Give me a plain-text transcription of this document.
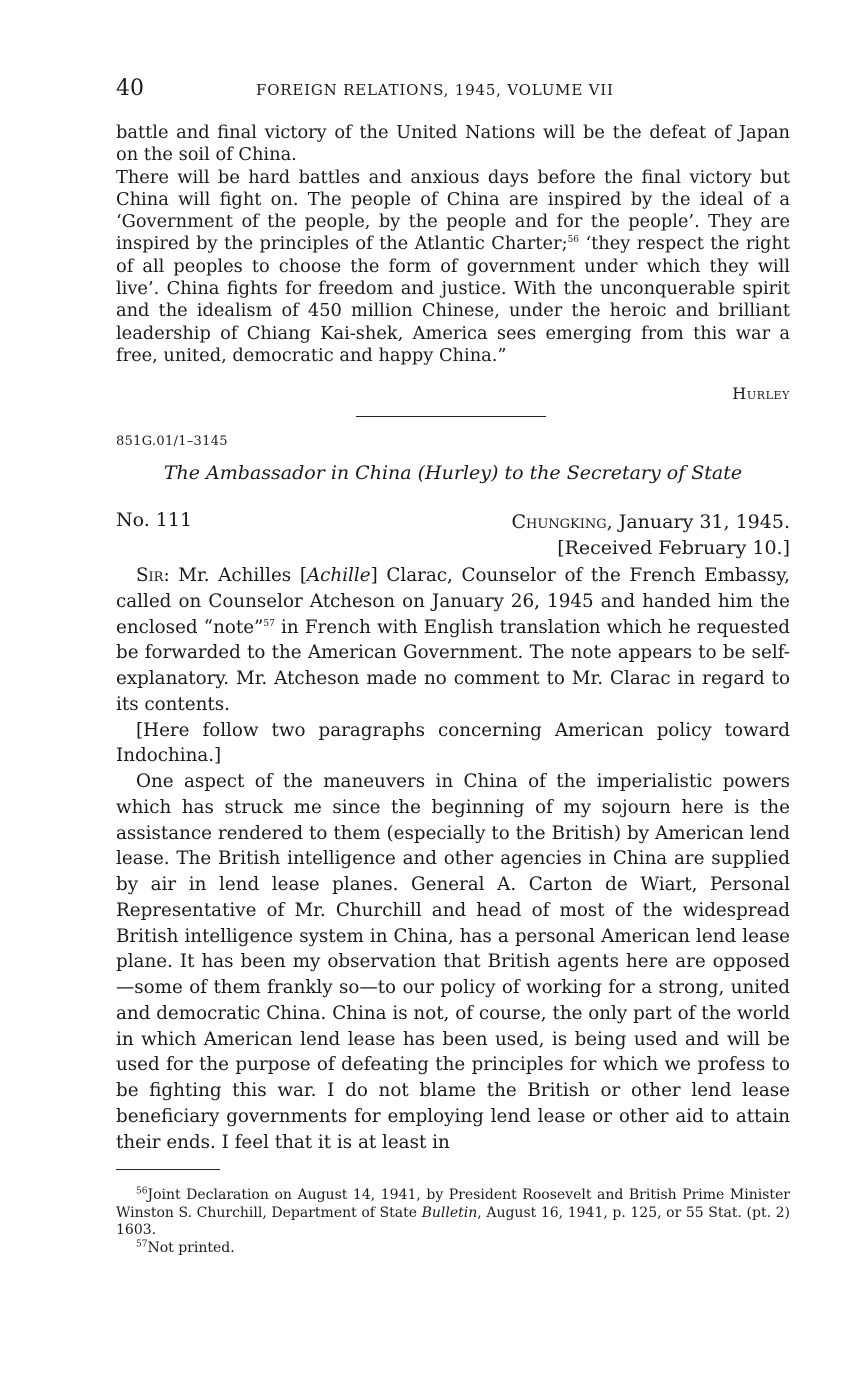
40	FOREIGN RELATIONS, 1945, VOLUME VII

battle and final victory of the United Nations will be the defeat of Japan on the soil of China.

There will be hard battles and anxious days before the final victory but China will fight on. The people of China are inspired by the ideal of a ‘Government of the people, by the people and for the people’. They are inspired by the principles of the Atlantic Charter;$^{56}$ ‘they respect the right of all peoples to choose the form of government under which they will live’. China fights for freedom and justice. With the unconquerable spirit and the idealism of 450 million Chinese, under the heroic and brilliant leadership of Chiang Kai-shek, America sees emerging from this war a free, united, democratic and happy China.”

Hurley
851G.01/1–3145
The Ambassador in China (Hurley) to the Secretary of State
No. 111	Chungking, January 31, 1945.
[Received February 10.]

Sir: Mr. Achilles [Achille] Clarac, Counselor of the French Embassy, called on Counselor Atcheson on January 26, 1945 and handed him the enclosed “note”$^{57}$ in French with English translation which he requested be forwarded to the American Government. The note appears to be self-explanatory. Mr. Atcheson made no comment to Mr. Clarac in regard to its contents.

[Here follow two paragraphs concerning American policy toward Indochina.]

One aspect of the maneuvers in China of the imperialistic powers which has struck me since the beginning of my sojourn here is the assistance rendered to them (especially to the British) by American lend lease. The British intelligence and other agencies in China are supplied by air in lend lease planes. General A. Carton de Wiart, Personal Representative of Mr. Churchill and head of most of the widespread British intelligence system in China, has a personal American lend lease plane. It has been my observation that British agents here are opposed—some of them frankly so—to our policy of working for a strong, united and democratic China. China is not, of course, the only part of the world in which American lend lease has been used, is being used and will be used for the purpose of defeating the principles for which we profess to be fighting this war. I do not blame the British or other lend lease beneficiary governments for employing lend lease or other aid to attain their ends. I feel that it is at least in

$^{56}$Joint Declaration on August 14, 1941, by President Roosevelt and British Prime Minister Winston S. Churchill, Department of State Bulletin, August 16, 1941, p. 125, or 55 Stat. (pt. 2) 1603.

$^{57}$Not printed.
